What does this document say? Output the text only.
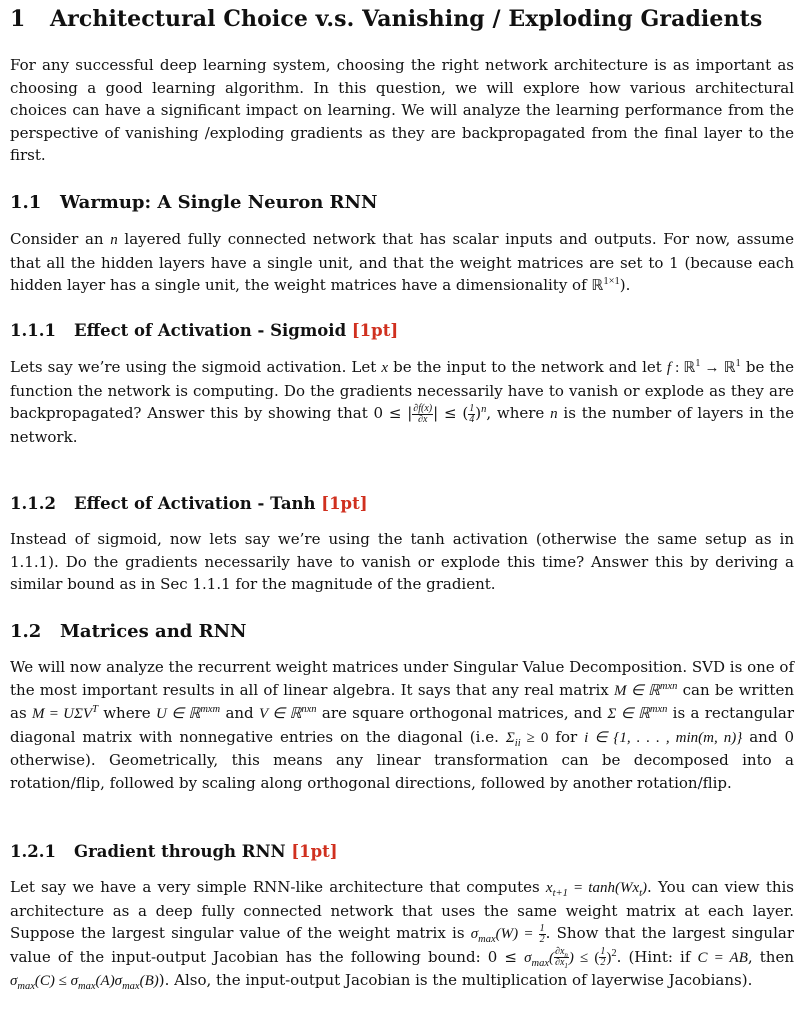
1 Architectural Choice v.s. Vanishing / Exploding Gradients
For any successful deep learning system, choosing the right network architecture is as important as choosing a good learning algorithm. In this question, we will explore how various architectural choices can have a significant impact on learning. We will analyze the learning performance from the perspective of vanishing /exploding gradients as they are backpropagated from the final layer to the first.
1.1 Warmup: A Single Neuron RNN
Consider an n layered fully connected network that has scalar inputs and outputs. For now, assume that all the hidden layers have a single unit, and that the weight matrices are set to 1 (because each hidden layer has a single unit, the weight matrices have a dimensionality of ℝ$^{1\times 1}$).
1.1.1 Effect of Activation - Sigmoid [1pt]
Lets say we’re using the sigmoid activation. Let x be the input to the network and let f : ℝ$^1$ → ℝ$^1$ be the function the network is computing. Do the gradients necessarily have to vanish or explode as they are backpropagated? Answer this by showing that 0 ≤ | $\frac{\partial f(x)}{\partial x}$ | ≤ ( $\frac{1}{4} )^n$, where n is the number of layers in the network.
1.1.2 Effect of Activation - Tanh [1pt]
Instead of sigmoid, now lets say we’re using the tanh activation (otherwise the same setup as in 1.1.1). Do the gradients necessarily have to vanish or explode this time? Answer this by deriving a similar bound as in Sec 1.1.1 for the magnitude of the gradient.
1.2 Matrices and RNN
We will now analyze the recurrent weight matrices under Singular Value Decomposition. SVD is one of the most important results in all of linear algebra. It says that any real matrix M ∈ ℝ$^{mxn}$ can be written as $M = U\Sigma V^T$ where U ∈ ℝ$^{mxm}$ and V ∈ ℝ$^{nxn}$ are square orthogonal matrices, and Σ ∈ ℝ$^{mxn}$ is a rectangular diagonal matrix with nonnegative entries on the diagonal (i.e. $\Sigma_{ii} \ge 0$ for i ∈ {1, . . . , min(m, n)} and 0 otherwise). Geometrically, this means any linear transformation can be decomposed into a rotation/flip, followed by scaling along orthogonal directions, followed by another rotation/flip.
1.2.1 Gradient through RNN [1pt]
Let say we have a very simple RNN-like architecture that computes $x_{t+1} = \tanh(Wx_t)$. You can view this architecture as a deep fully connected network that uses the same weight matrix at each layer. Suppose the largest singular value of the weight matrix is $\sigma_{max}(W) = \frac{1}{2}$ . Show that the largest singular value of the input-output Jacobian has the following bound: $0 \le \sigma_{max}( \frac{\partial x_n}{\partial x_1}$ ) ≤ ( $\frac{1}{2} )^2$. (Hint: if C = AB, then $\sigma_{max}(C) \le \sigma_{max}(A)\sigma_{max}(B)$). Also, the input-output Jacobian is the multiplication of layerwise Jacobians).
